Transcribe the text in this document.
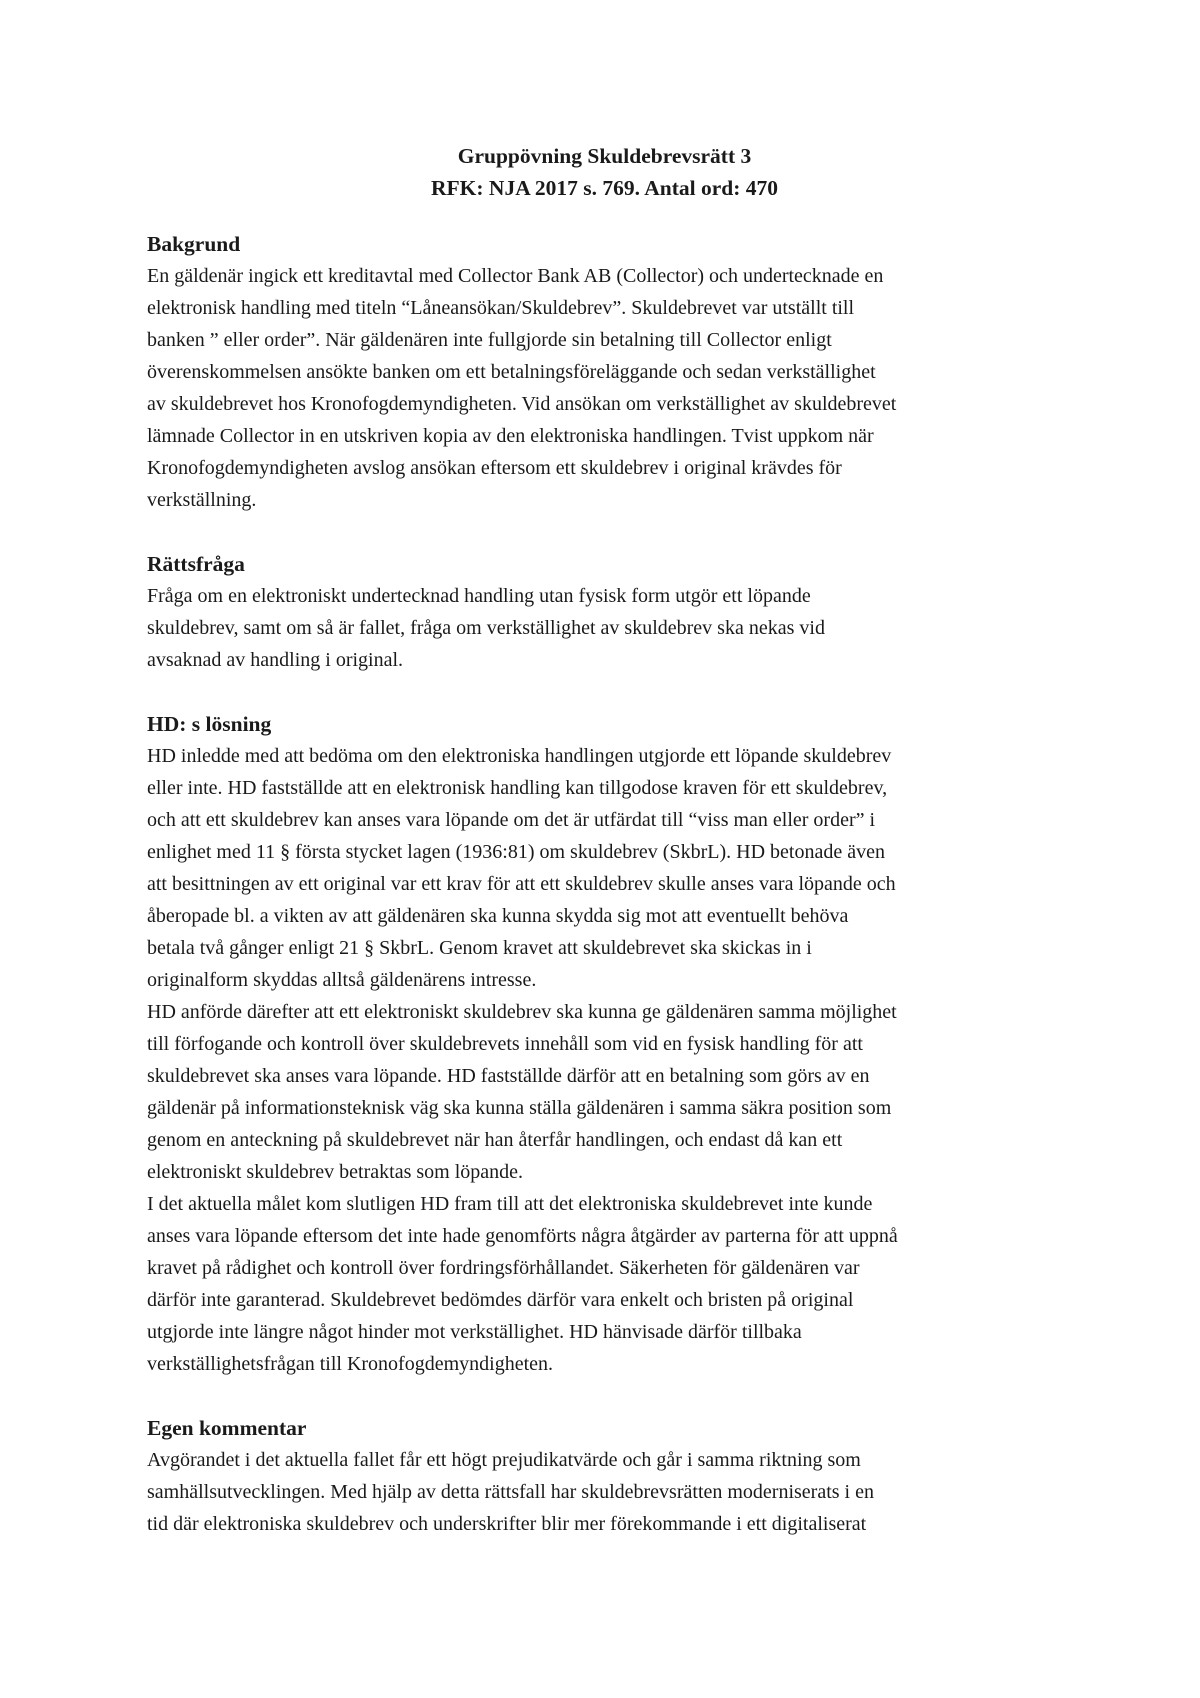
Gruppövning Skuldebrevsrätt 3
RFK: NJA 2017 s. 769. Antal ord: 470
Bakgrund
En gäldenär ingick ett kreditavtal med Collector Bank AB (Collector) och undertecknade en
elektronisk handling med titeln “Låneansökan/Skuldebrev”. Skuldebrevet var utställt till
banken ” eller order”. När gäldenären inte fullgjorde sin betalning till Collector enligt
överenskommelsen ansökte banken om ett betalningsföreläggande och sedan verkställighet
av skuldebrevet hos Kronofogdemyndigheten. Vid ansökan om verkställighet av skuldebrevet
lämnade Collector in en utskriven kopia av den elektroniska handlingen. Tvist uppkom när
Kronofogdemyndigheten avslog ansökan eftersom ett skuldebrev i original krävdes för
verkställning.
Rättsfråga
Fråga om en elektroniskt undertecknad handling utan fysisk form utgör ett löpande
skuldebrev, samt om så är fallet, fråga om verkställighet av skuldebrev ska nekas vid
avsaknad av handling i original.
HD: s lösning
HD inledde med att bedöma om den elektroniska handlingen utgjorde ett löpande skuldebrev
eller inte. HD fastställde att en elektronisk handling kan tillgodose kraven för ett skuldebrev,
och att ett skuldebrev kan anses vara löpande om det är utfärdat till “viss man eller order” i
enlighet med 11 § första stycket lagen (1936:81) om skuldebrev (SkbrL). HD betonade även
att besittningen av ett original var ett krav för att ett skuldebrev skulle anses vara löpande och
åberopade bl. a vikten av att gäldenären ska kunna skydda sig mot att eventuellt behöva
betala två gånger enligt 21 § SkbrL. Genom kravet att skuldebrevet ska skickas in i
originalform skyddas alltså gäldenärens intresse.
HD anförde därefter att ett elektroniskt skuldebrev ska kunna ge gäldenären samma möjlighet
till förfogande och kontroll över skuldebrevets innehåll som vid en fysisk handling för att
skuldebrevet ska anses vara löpande. HD fastställde därför att en betalning som görs av en
gäldenär på informationsteknisk väg ska kunna ställa gäldenären i samma säkra position som
genom en anteckning på skuldebrevet när han återfår handlingen, och endast då kan ett
elektroniskt skuldebrev betraktas som löpande.
I det aktuella målet kom slutligen HD fram till att det elektroniska skuldebrevet inte kunde
anses vara löpande eftersom det inte hade genomförts några åtgärder av parterna för att uppnå
kravet på rådighet och kontroll över fordringsförhållandet. Säkerheten för gäldenären var
därför inte garanterad. Skuldebrevet bedömdes därför vara enkelt och bristen på original
utgjorde inte längre något hinder mot verkställighet. HD hänvisade därför tillbaka
verkställighetsfrågan till Kronofogdemyndigheten.
Egen kommentar
Avgörandet i det aktuella fallet får ett högt prejudikatvärde och går i samma riktning som
samhällsutvecklingen. Med hjälp av detta rättsfall har skuldebrevsrätten moderniserats i en
tid där elektroniska skuldebrev och underskrifter blir mer förekommande i ett digitaliserat
